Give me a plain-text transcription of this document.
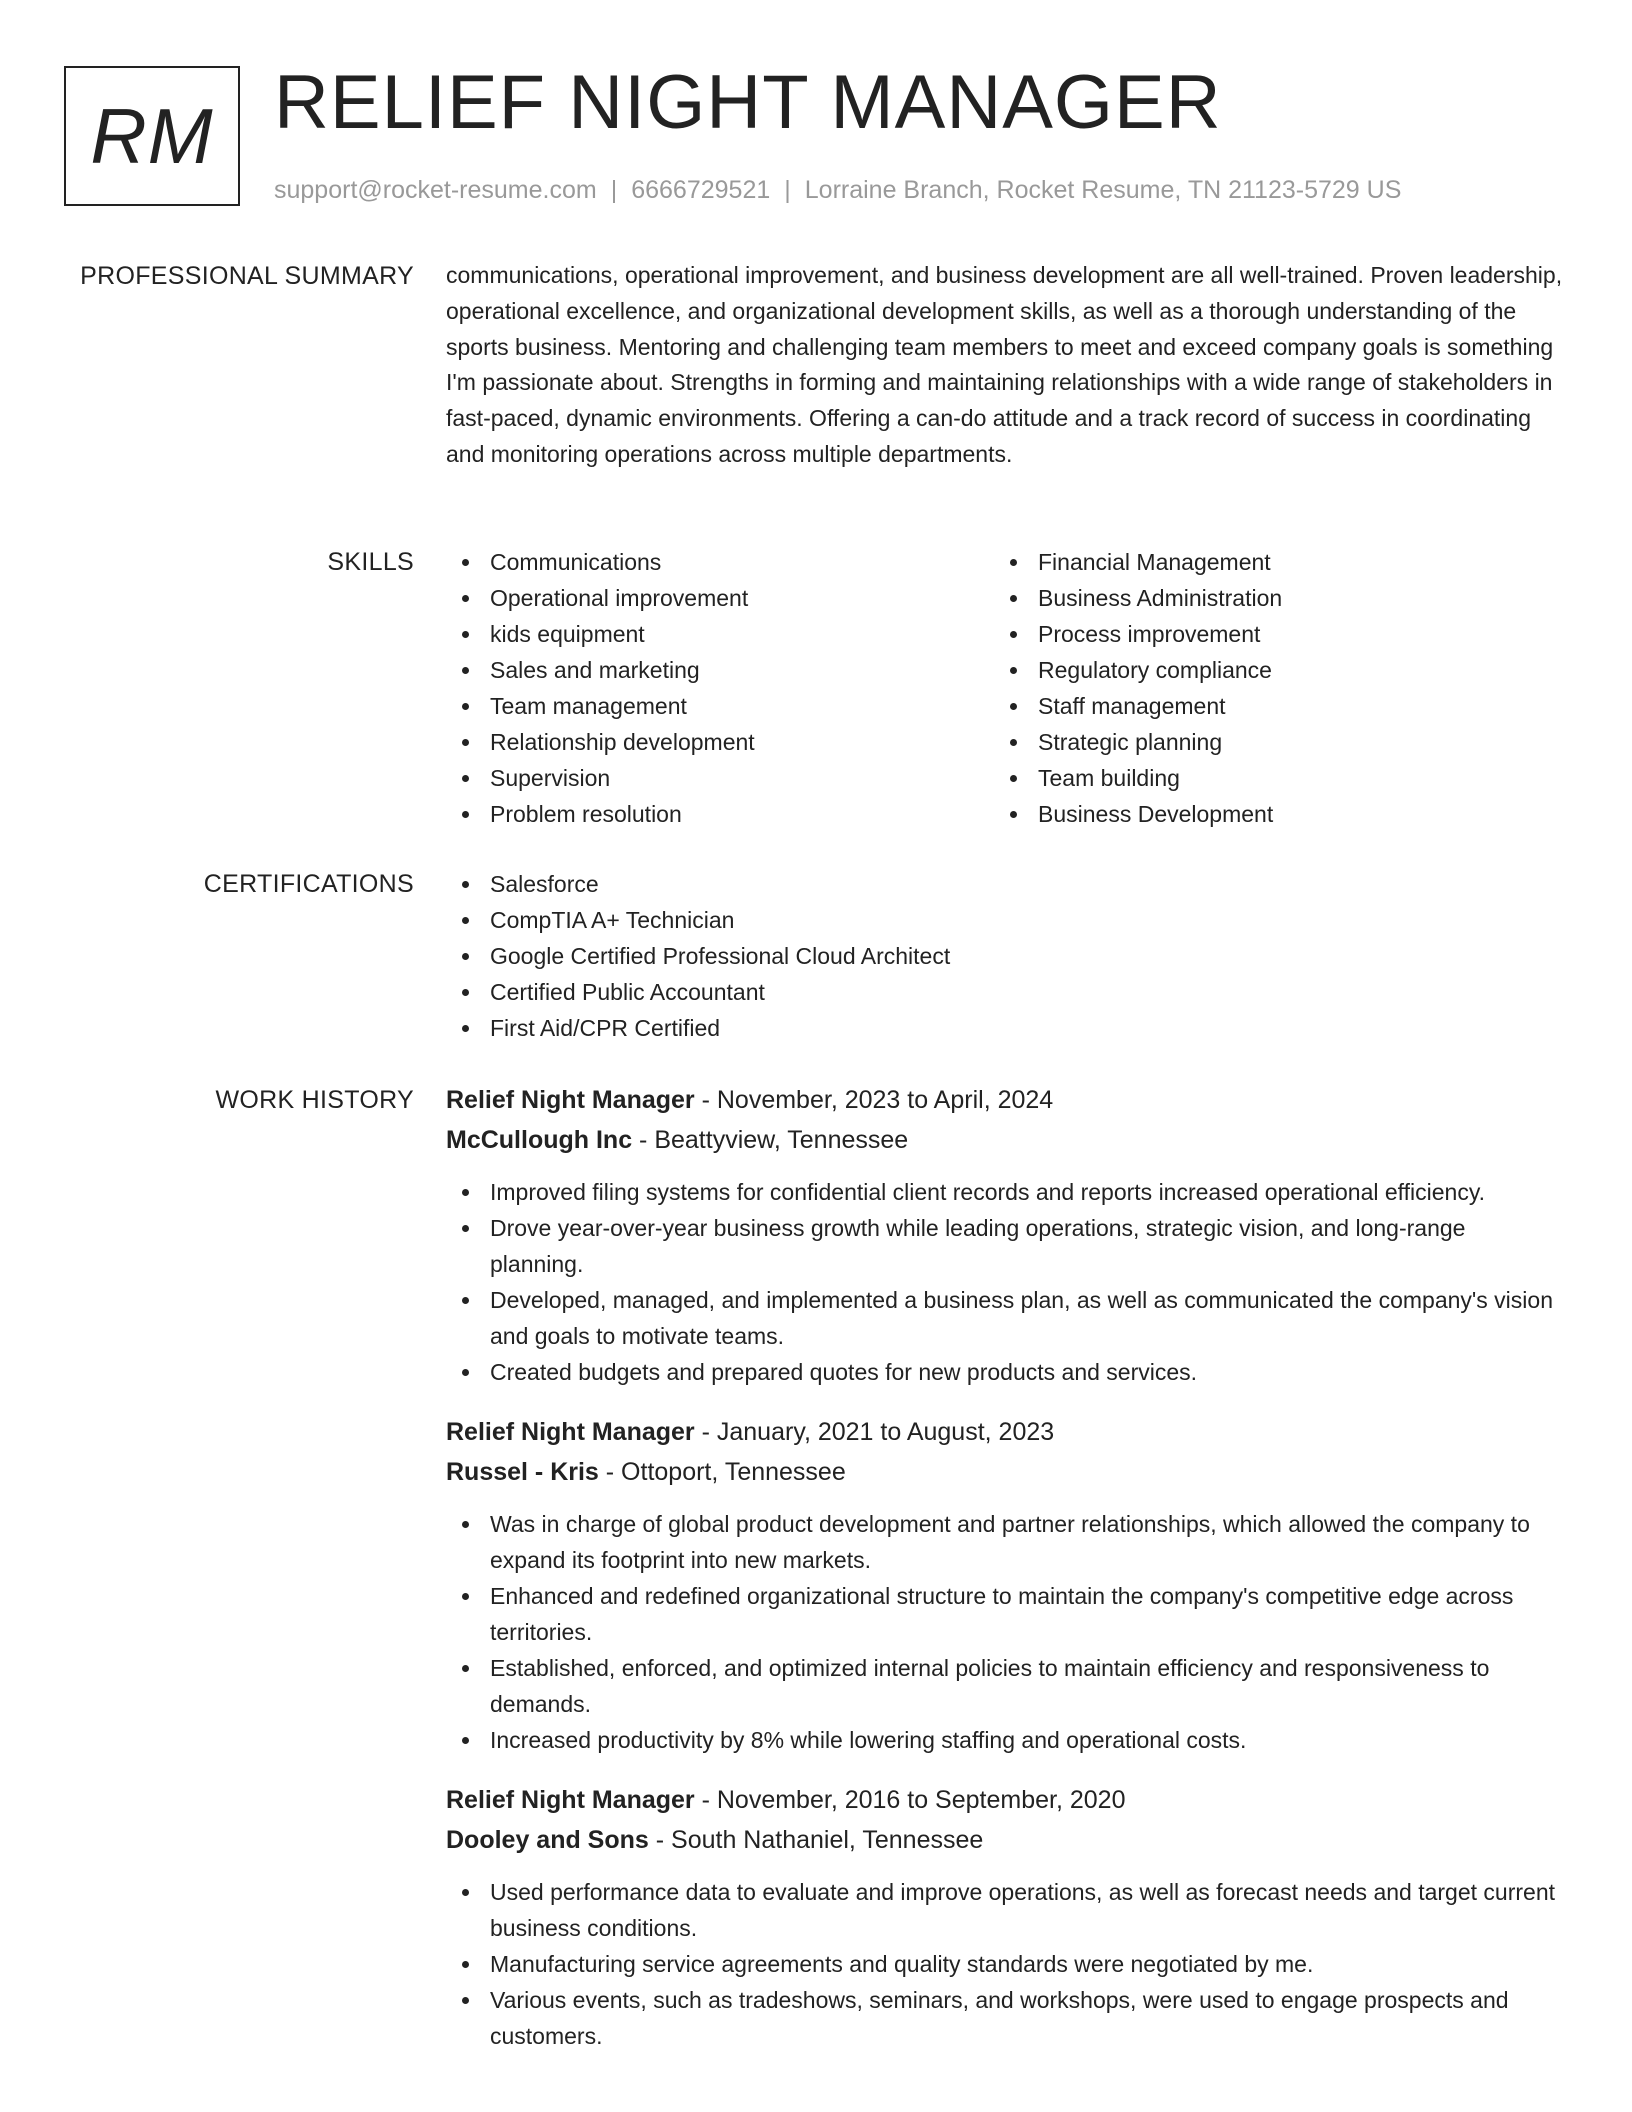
RM RELIEF NIGHT MANAGER
support@rocket-resume.com | 6666729521 | Lorraine Branch, Rocket Resume, TN 21123-5729 US
PROFESSIONAL SUMMARY communications, operational improvement, and business development are all well-trained. Proven leadership, operational excellence, and organizational development skills, as well as a thorough understanding of the sports business. Mentoring and challenging team members to meet and exceed company goals is something I'm passionate about. Strengths in forming and maintaining relationships with a wide range of stakeholders in fast-paced, dynamic environments. Offering a can-do attitude and a track record of success in coordinating and monitoring operations across multiple departments.

SKILLS	Communications
Operational improvement
kids equipment
Sales and marketing
Team management
Relationship development
Supervision
Problem resolution
Financial Management
Business Administration
Process improvement
Regulatory compliance
Staff management
Strategic planning
Team building
Business Development
CERTIFICATIONS	Salesforce
CompTIA A+ Technician
Google Certified Professional Cloud Architect
Certified Public Accountant
First Aid/CPR Certified
WORK HISTORY Relief Night Manager - November, 2023 to April, 2024
McCullough Inc - Beattyview, Tennessee
Improved filing systems for confidential client records and reports increased operational efficiency.
Drove year-over-year business growth while leading operations, strategic vision, and long-range planning.
Developed, managed, and implemented a business plan, as well as communicated the company's vision and goals to motivate teams.
Created budgets and prepared quotes for new products and services.
Relief Night Manager - January, 2021 to August, 2023
Russel - Kris - Ottoport, Tennessee
Was in charge of global product development and partner relationships, which allowed the company to expand its footprint into new markets.
Enhanced and redefined organizational structure to maintain the company's competitive edge across territories.
Established, enforced, and optimized internal policies to maintain efficiency and responsiveness to demands.
Increased productivity by 8% while lowering staffing and operational costs.
Relief Night Manager - November, 2016 to September, 2020
Dooley and Sons - South Nathaniel, Tennessee
Used performance data to evaluate and improve operations, as well as forecast needs and target current business conditions.
Manufacturing service agreements and quality standards were negotiated by me.
Various events, such as tradeshows, seminars, and workshops, were used to engage prospects and customers.
